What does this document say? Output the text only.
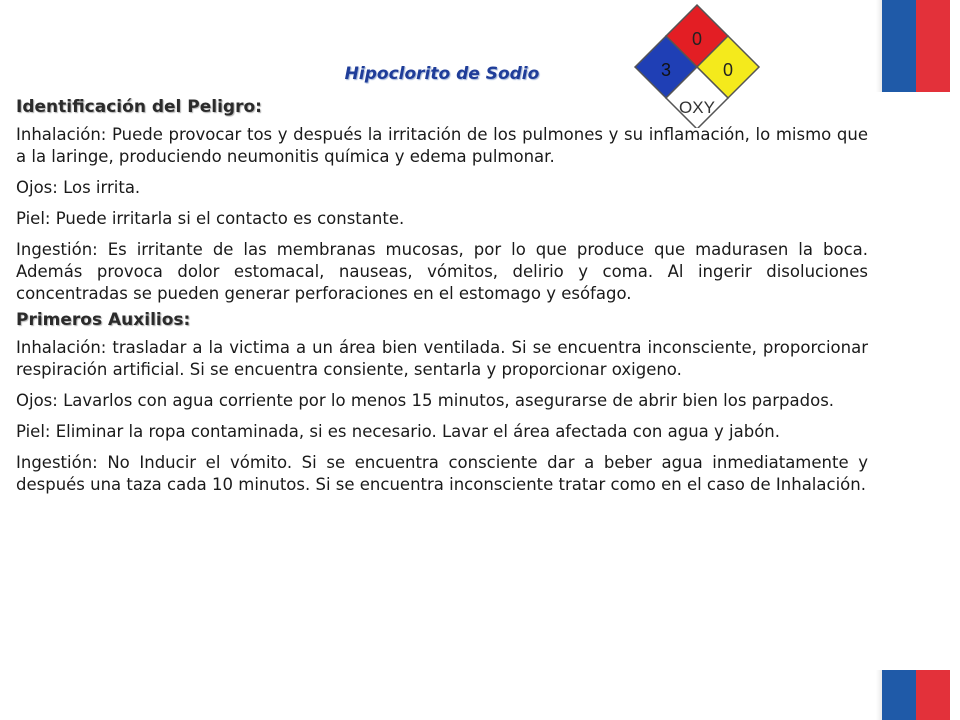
0
3	0
OXY
Hipoclorito de Sodio
Identificación del Peligro:

Inhalación: Puede provocar tos y después la irritación de los pulmones y su inflamación, lo mismo que a la laringe, produciendo neumonitis química y edema pulmonar.

Ojos: Los irrita.

Piel: Puede irritarla si el contacto es constante.

Ingestión: Es irritante de las membranas mucosas, por lo que produce que madurasen la boca. Además provoca dolor estomacal, nauseas, vómitos, delirio y coma. Al ingerir disoluciones concentradas se pueden generar perforaciones en el estomago y esófago.

Primeros Auxilios:

Inhalación: trasladar a la victima a un área bien ventilada. Si se encuentra inconsciente, proporcionar respiración artificial. Si se encuentra consiente, sentarla y proporcionar oxigeno.

Ojos: Lavarlos con agua corriente por lo menos 15 minutos, asegurarse de abrir bien los parpados.

Piel: Eliminar la ropa contaminada, si es necesario. Lavar el área afectada con agua y jabón.

Ingestión: No Inducir el vómito. Si se encuentra consciente dar a beber agua inmediatamente y después una taza cada 10 minutos. Si se encuentra inconsciente tratar como en el caso de Inhalación.
